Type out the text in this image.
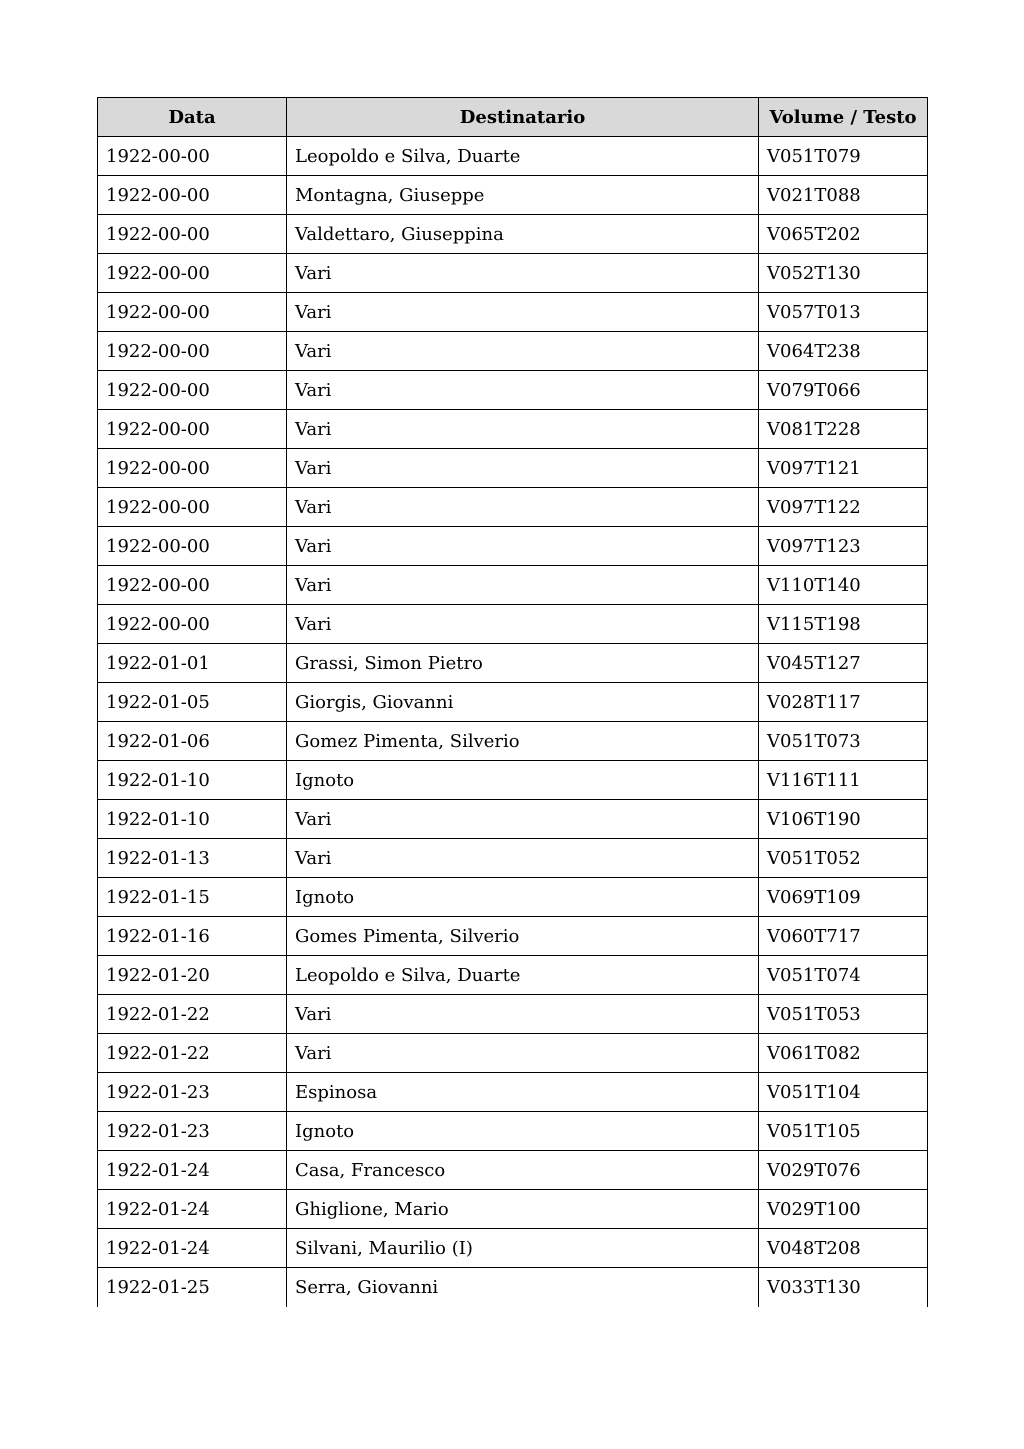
Data	Destinatario	Volume / Testo
1922-00-00	Leopoldo e Silva, Duarte	V051T079
1922-00-00	Montagna, Giuseppe	V021T088
1922-00-00	Valdettaro, Giuseppina	V065T202
1922-00-00	Vari	V052T130
1922-00-00	Vari	V057T013
1922-00-00	Vari	V064T238
1922-00-00	Vari	V079T066
1922-00-00	Vari	V081T228
1922-00-00	Vari	V097T121
1922-00-00	Vari	V097T122
1922-00-00	Vari	V097T123
1922-00-00	Vari	V110T140
1922-00-00	Vari	V115T198
1922-01-01	Grassi, Simon Pietro	V045T127
1922-01-05	Giorgis, Giovanni	V028T117
1922-01-06	Gomez Pimenta, Silverio	V051T073
1922-01-10	Ignoto	V116T111
1922-01-10	Vari	V106T190
1922-01-13	Vari	V051T052
1922-01-15	Ignoto	V069T109
1922-01-16	Gomes Pimenta, Silverio	V060T717
1922-01-20	Leopoldo e Silva, Duarte	V051T074
1922-01-22	Vari	V051T053
1922-01-22	Vari	V061T082
1922-01-23	Espinosa	V051T104
1922-01-23	Ignoto	V051T105
1922-01-24	Casa, Francesco	V029T076
1922-01-24	Ghiglione, Mario	V029T100
1922-01-24	Silvani, Maurilio (I)	V048T208
1922-01-25	Serra, Giovanni	V033T130
